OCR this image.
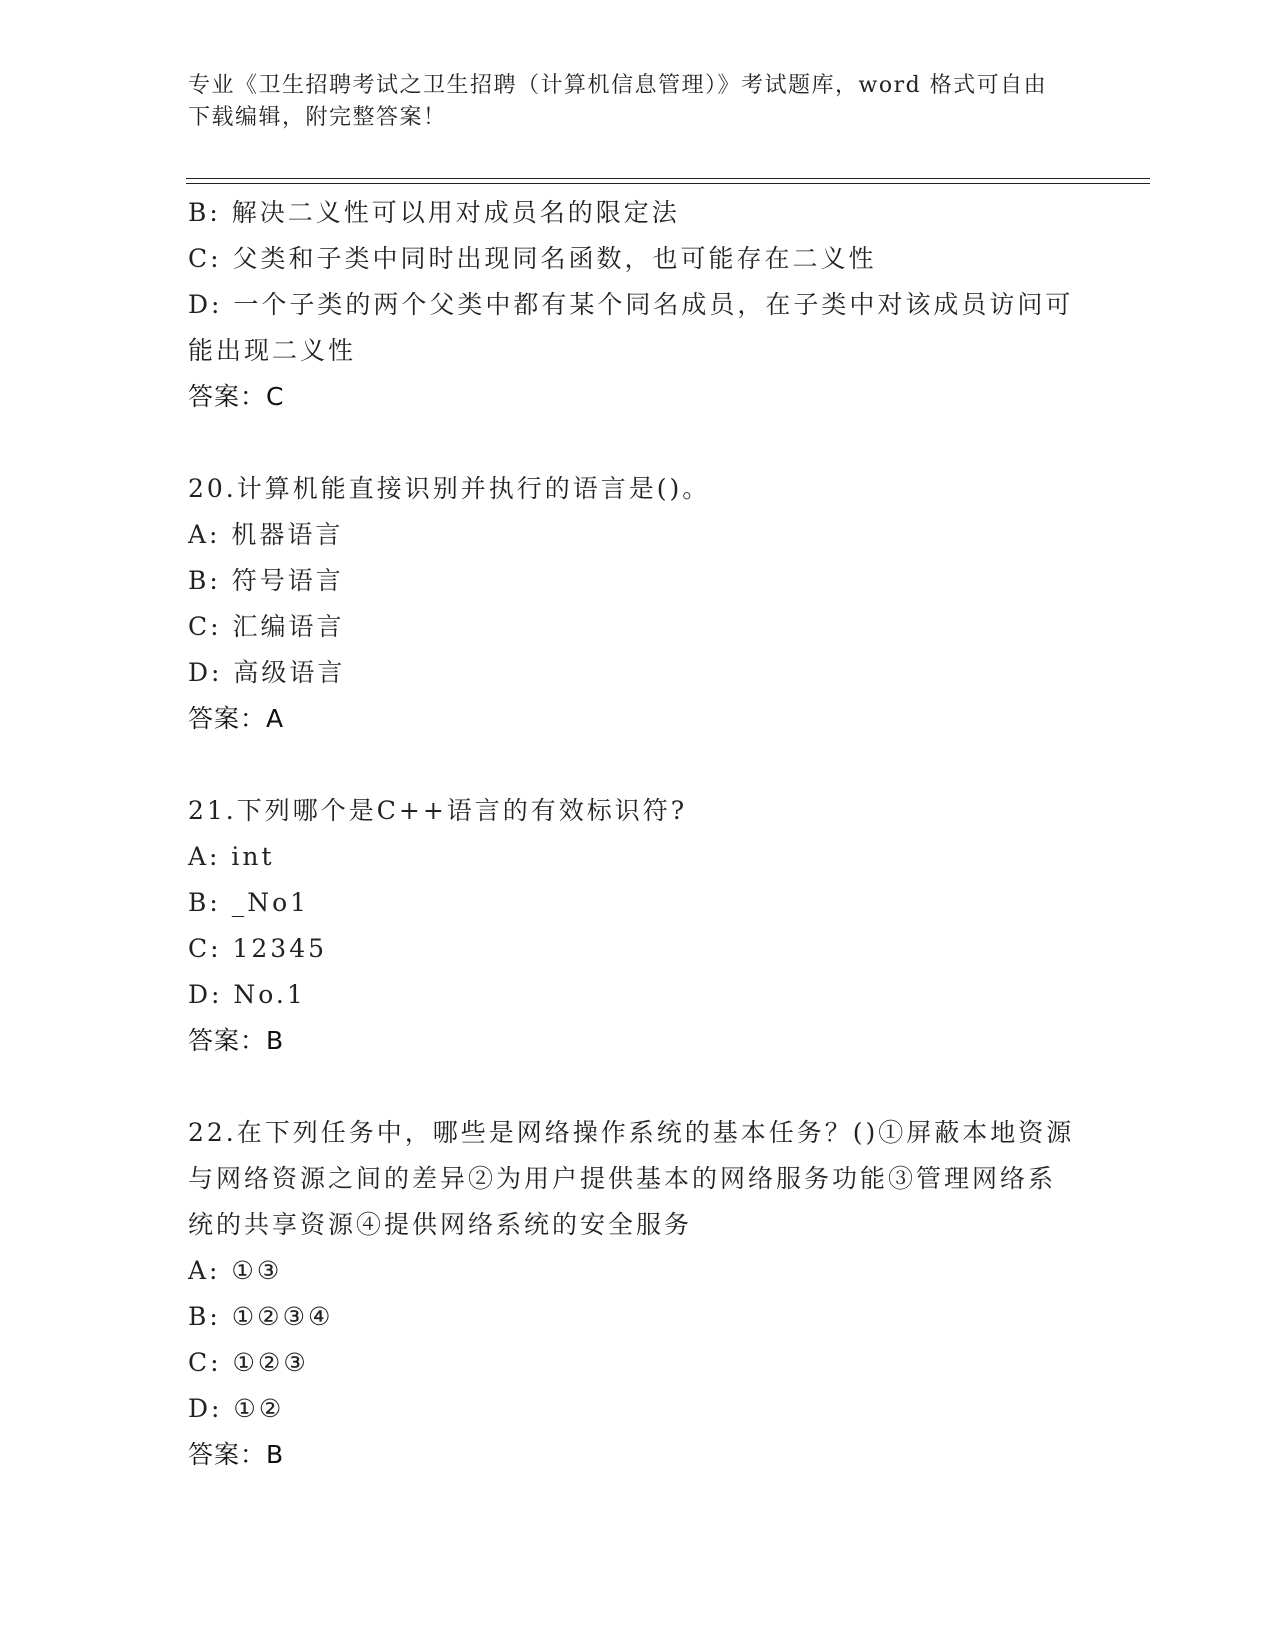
专业《卫生招聘考试之卫生招聘（计算机信息管理）》考试题库，word 格式可自由下载编辑，附完整答案！
B: 解决二义性可以用对成员名的限定法
C: 父类和子类中同时出现同名函数，也可能存在二义性
D: 一个子类的两个父类中都有某个同名成员，在子类中对该成员访问可能出现二义性
答案：C
20.计算机能直接识别并执行的语言是()。
A: 机器语言
B: 符号语言
C: 汇编语言
D: 高级语言
答案：A
21.下列哪个是C++语言的有效标识符?
A: int
B: _No1
C: 12345
D: No.1
答案：B
22.在下列任务中，哪些是网络操作系统的基本任务？()①屏蔽本地资源与网络资源之间的差异②为用户提供基本的网络服务功能③管理网络系统的共享资源④提供网络系统的安全服务
A: ①③
B: ①②③④
C: ①②③
D: ①②
答案：B
